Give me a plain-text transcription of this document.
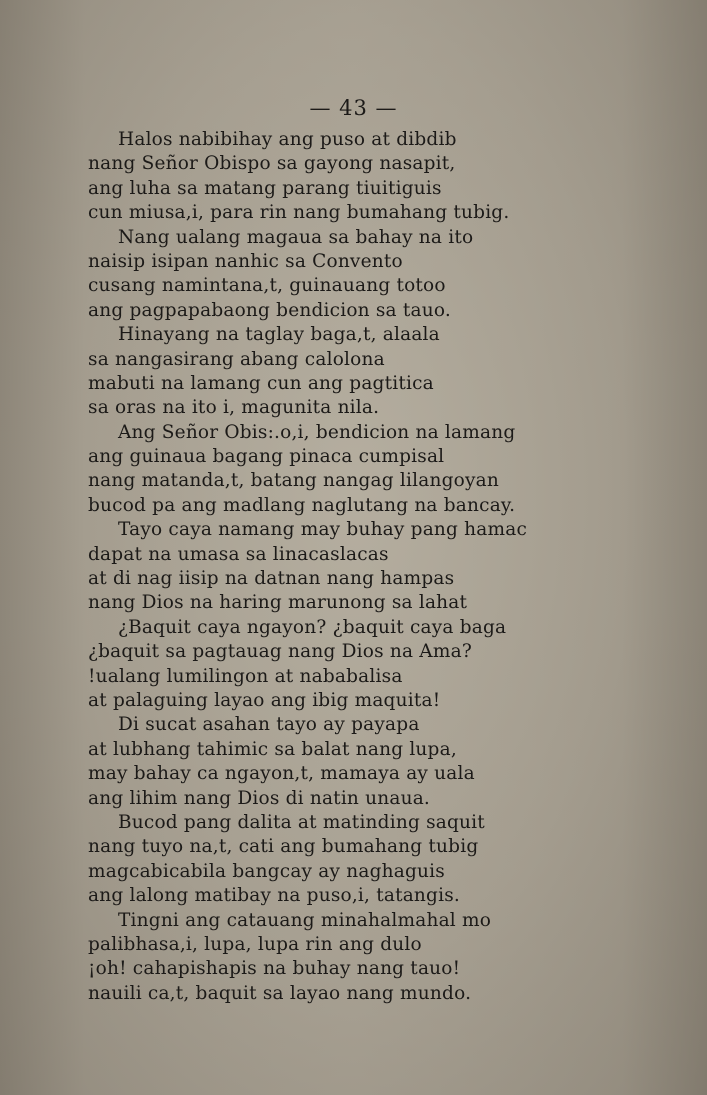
— 43 —
Halos nabibihay ang puso at dibdib
nang Señor Obispo sa gayong nasapit,
ang luha sa matang parang tiuitiguis
cun miusa,i, para rin nang bumahang tubig.
Nang ualang magaua sa bahay na ito
naisip isipan nanhic sa Convento
cusang namintana,t, guinauang totoo
ang pagpapabaong bendicion sa tauo.
Hinayang na taglay baga,t, alaala
sa nangasirang abang calolona
mabuti na lamang cun ang pagtitica
sa oras na ito i, magunita nila.
Ang Señor Obis:.o,i, bendicion na lamang
ang guinaua bagang pinaca cumpisal
nang matanda,t, batang nangag lilangoyan
bucod pa ang madlang naglutang na bancay.
Tayo caya namang may buhay pang hamac
dapat na umasa sa linacaslacas
at di nag iisip na datnan nang hampas
nang Dios na haring marunong sa lahat
¿Baquit caya ngayon? ¿baquit caya baga
¿baquit sa pagtauag nang Dios na Ama?
!ualang lumilingon at nababalisa
at palaguing layao ang ibig maquita!
Di sucat asahan tayo ay payapa
at lubhang tahimic sa balat nang lupa,
may bahay ca ngayon,t, mamaya ay uala
ang lihim nang Dios di natin unaua.
Bucod pang dalita at matinding saquit
nang tuyo na,t, cati ang bumahang tubig
magcabicabila bangcay ay naghaguis
ang lalong matibay na puso,i, tatangis.
Tingni ang catauang minahalmahal mo
palibhasa,i, lupa, lupa rin ang dulo
¡oh! cahapishapis na buhay nang tauo!
nauili ca,t, baquit sa layao nang mundo.
